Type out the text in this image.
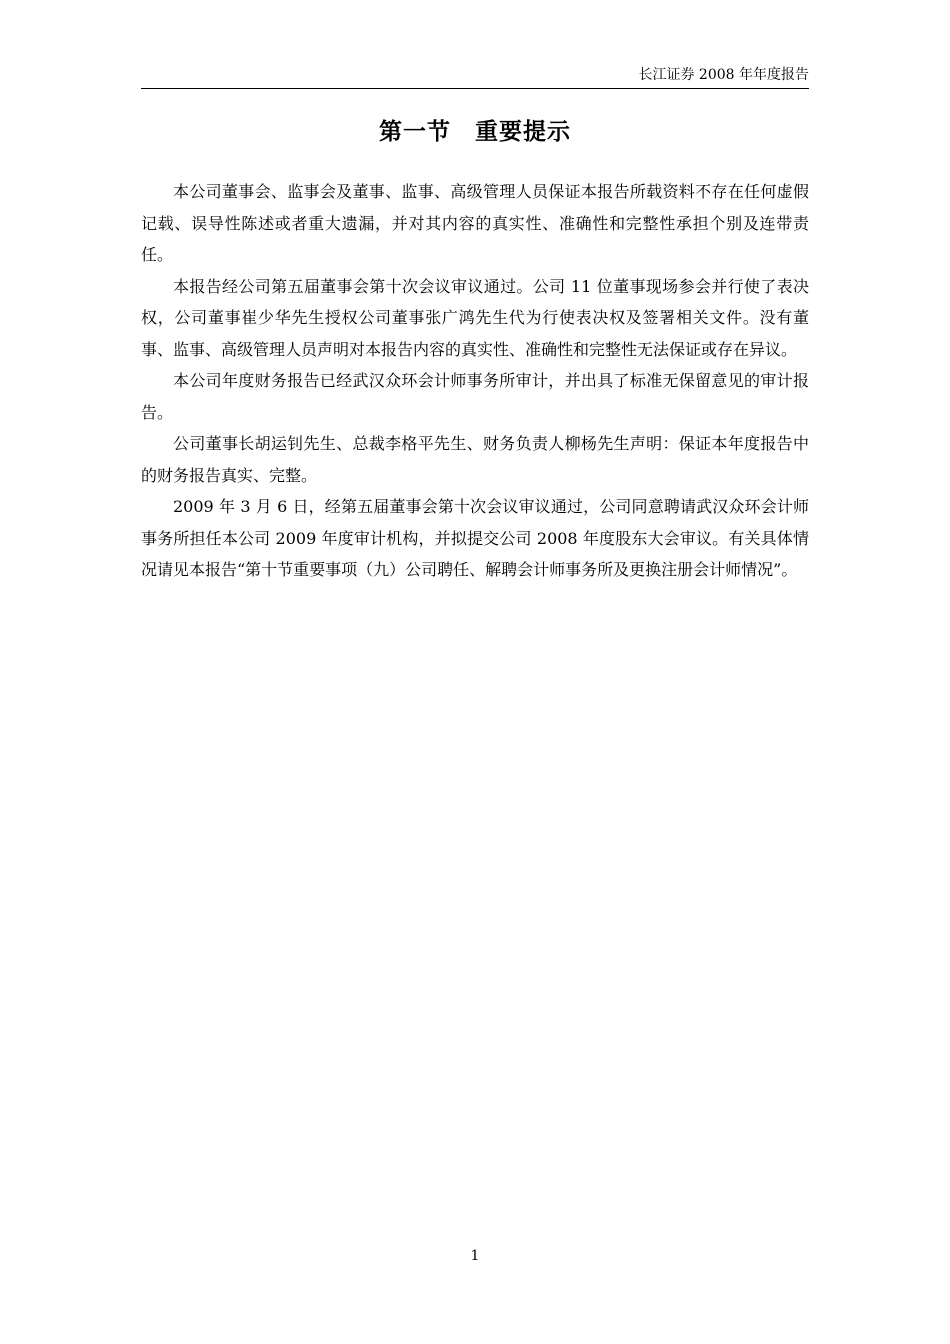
长江证券 2008 年年度报告
第一节　重要提示

本公司董事会、监事会及董事、监事、高级管理人员保证本报告所载资料不存在任何虚假记载、误导性陈述或者重大遗漏，并对其内容的真实性、准确性和完整性承担个别及连带责任。

本报告经公司第五届董事会第十次会议审议通过。公司 11 位董事现场参会并行使了表决权，公司董事崔少华先生授权公司董事张广鸿先生代为行使表决权及签署相关文件。没有董事、监事、高级管理人员声明对本报告内容的真实性、准确性和完整性无法保证或存在异议。

本公司年度财务报告已经武汉众环会计师事务所审计，并出具了标准无保留意见的审计报告。

公司董事长胡运钊先生、总裁李格平先生、财务负责人柳杨先生声明：保证本年度报告中的财务报告真实、完整。

2009 年 3 月 6 日，经第五届董事会第十次会议审议通过，公司同意聘请武汉众环会计师事务所担任本公司 2009 年度审计机构，并拟提交公司 2008 年度股东大会审议。有关具体情况请见本报告“第十节重要事项（九）公司聘任、解聘会计师事务所及更换注册会计师情况”。

1
